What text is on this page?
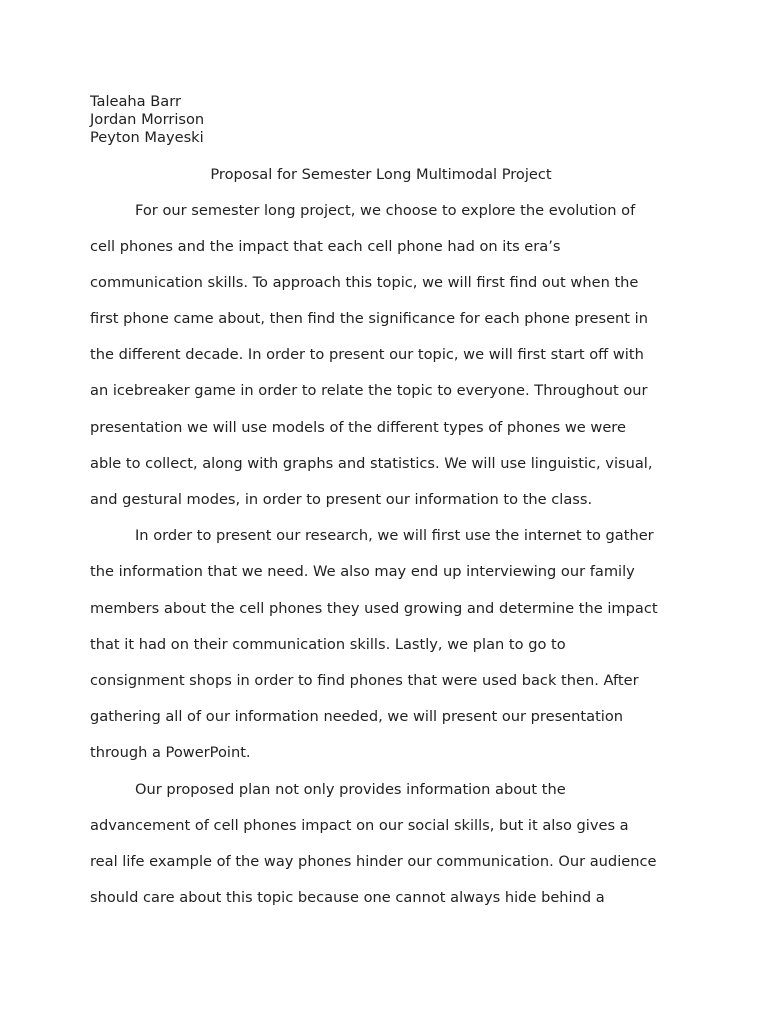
Taleaha Barr
Jordan Morrison
Peyton Mayeski
Proposal for Semester Long Multimodal Project
For our semester long project, we choose to explore the evolution of
cell phones and the impact that each cell phone had on its era’s
communication skills. To approach this topic, we will first find out when the
first phone came about, then find the significance for each phone present in
the different decade. In order to present our topic, we will first start off with
an icebreaker game in order to relate the topic to everyone. Throughout our
presentation we will use models of the different types of phones we were
able to collect, along with graphs and statistics. We will use linguistic, visual,
and gestural modes, in order to present our information to the class.
In order to present our research, we will first use the internet to gather
the information that we need. We also may end up interviewing our family
members about the cell phones they used growing and determine the impact
that it had on their communication skills. Lastly, we plan to go to
consignment shops in order to find phones that were used back then. After
gathering all of our information needed, we will present our presentation
through a PowerPoint.
Our proposed plan not only provides information about the
advancement of cell phones impact on our social skills, but it also gives a
real life example of the way phones hinder our communication. Our audience
should care about this topic because one cannot always hide behind a
